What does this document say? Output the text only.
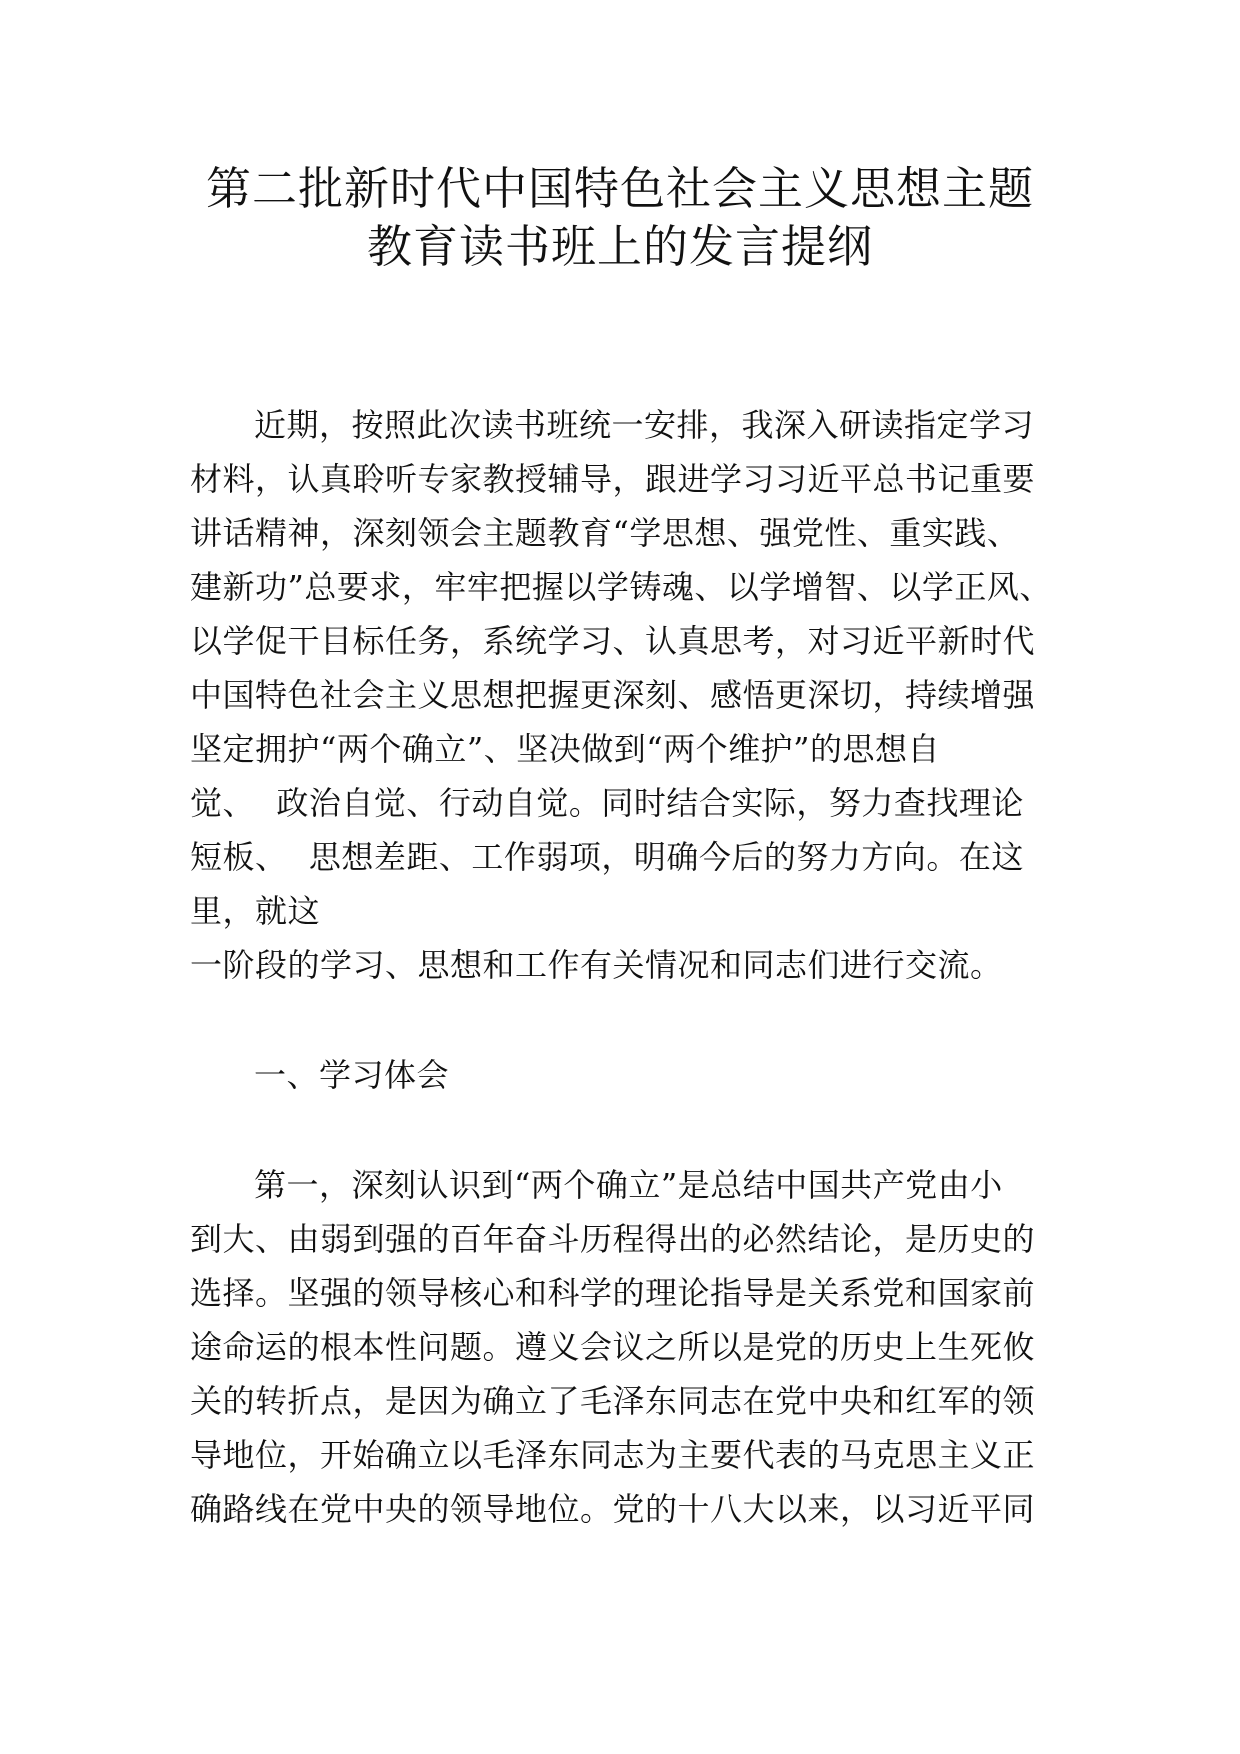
第二批新时代中国特色社会主义思想主题
教育读书班上的发言提纲
近期，按照此次读书班统一安排，我深入研读指定学习
材料，认真聆听专家教授辅导，跟进学习习近平总书记重要
讲话精神，深刻领会主题教育“学思想、强党性、重实践、
建新功”总要求，牢牢把握以学铸魂、以学增智、以学正风、
以学促干目标任务，系统学习、认真思考，对习近平新时代
中国特色社会主义思想把握更深刻、感悟更深切，持续增强
坚定拥护“两个确立”、坚决做到“两个维护”的思想自
觉、  政治自觉、行动自觉。同时结合实际，努力查找理论
短板、  思想差距、工作弱项，明确今后的努力方向。在这
里，就这
一阶段的学习、思想和工作有关情况和同志们进行交流。
一、学习体会
第一，深刻认识到“两个确立”是总结中国共产党由小
到大、由弱到强的百年奋斗历程得出的必然结论，是历史的
选择。坚强的领导核心和科学的理论指导是关系党和国家前
途命运的根本性问题。遵义会议之所以是党的历史上生死攸
关的转折点，是因为确立了毛泽东同志在党中央和红军的领
导地位，开始确立以毛泽东同志为主要代表的马克思主义正
确路线在党中央的领导地位。党的十八大以来，以习近平同
